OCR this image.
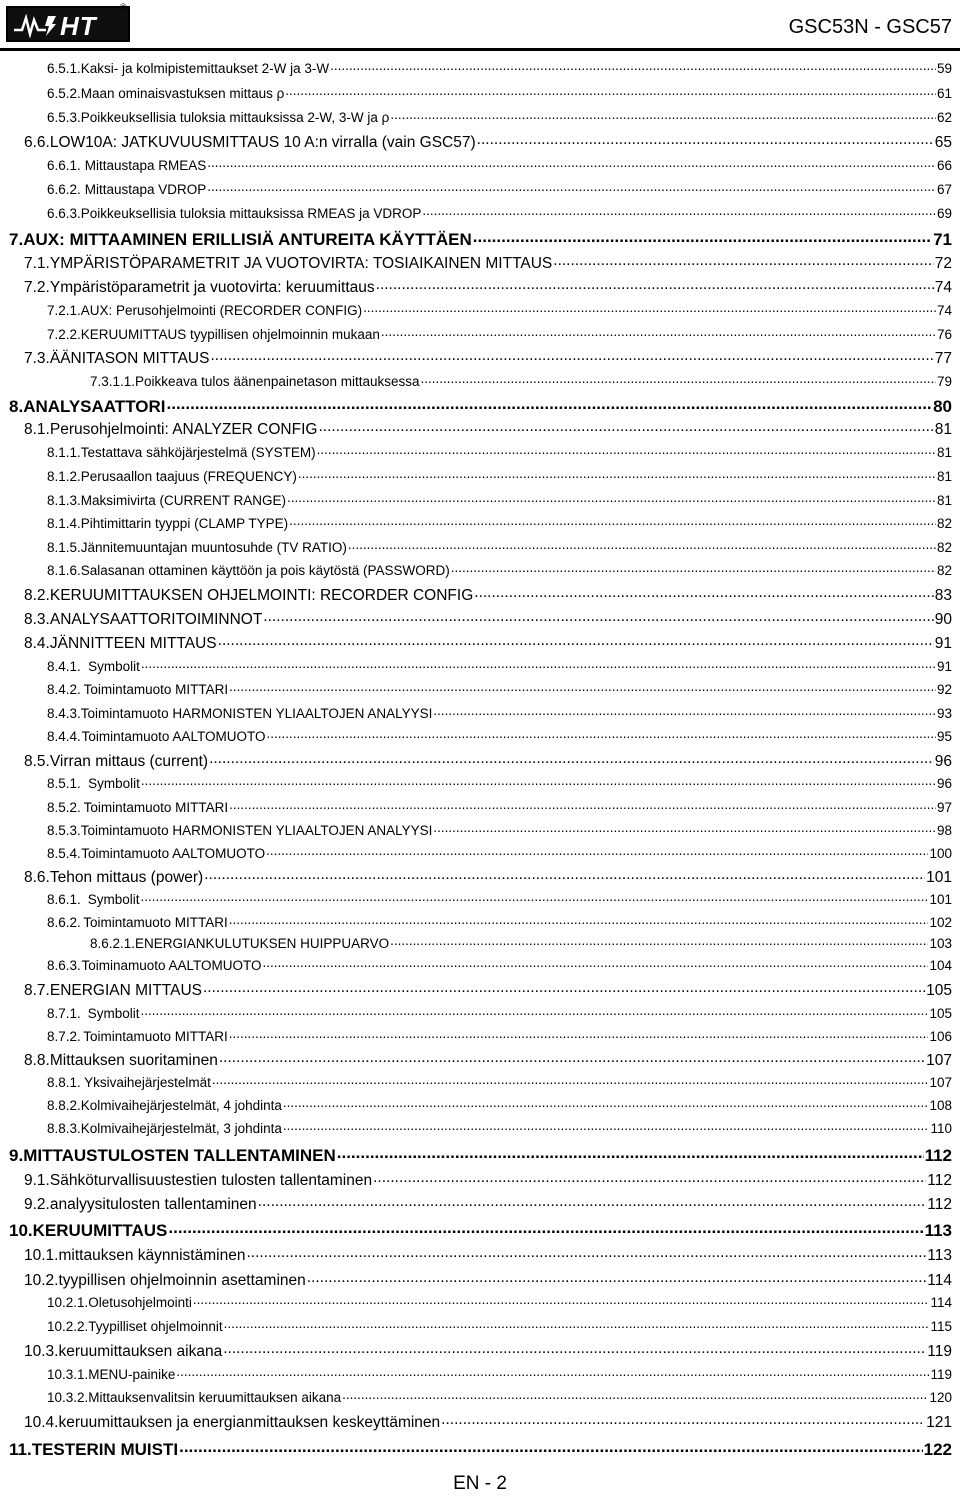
HT
®
GSC53N - GSC57
6.5.1. Kaksi- ja kolmipistemittaukset 2-W ja 3-W .....	59
6.5.2. Maan ominaisvastuksen mittaus ρ .....	61
6.5.3. Poikkeuksellisia tuloksia mittauksissa 2-W, 3-W ja ρ .....	62
6.6. LOW10A: JATKUVUUSMITTAUS 10 A:n virralla (vain GSC57) .....	65
6.6.1. Mittaustapa RMEAS .....	66
6.6.2. Mittaustapa VDROP .....	67
6.6.3. Poikkeuksellisia tuloksia mittauksissa RMEAS ja VDROP .....	69
7. AUX: MITTAAMINEN ERILLISIÄ ANTUREITA KÄYTTÄEN .....	71
7.1. YMPÄRISTÖPARAMETRIT JA VUOTOVIRTA: TOSIAIKAINEN MITTAUS .....	72
7.2. Ympäristöparametrit ja vuotovirta: keruumittaus .....	74
7.2.1. AUX: Perusohjelmointi (RECORDER CONFIG) .....	74
7.2.2. KERUUMITTAUS tyypillisen ohjelmoinnin mukaan .....	76
7.3. ÄÄNITASON MITTAUS .....	77
7.3.1.1. Poikkeava tulos äänenpainetason mittauksessa .....	79
8. ANALYSAATTORI .....	80
8.1. Perusohjelmointi: ANALYZER CONFIG .....	81
8.1.1. Testattava sähköjärjestelmä (SYSTEM) .....	81
8.1.2. Perusaallon taajuus (FREQUENCY) .....	81
8.1.3. Maksimivirta (CURRENT RANGE) .....	81
8.1.4. Pihtimittarin tyyppi (CLAMP TYPE) .....	82
8.1.5. Jännitemuuntajan muuntosuhde (TV RATIO) .....	82
8.1.6. Salasanan ottaminen käyttöön ja pois käytöstä (PASSWORD) .....	82
8.2. KERUUMITTAUKSEN OHJELMOINTI: RECORDER CONFIG .....	83
8.3. ANALYSAATTORITOIMINNOT .....	90
8.4. JÄNNITTEEN MITTAUS .....	91
8.4.1. Symbolit .....	91
8.4.2. Toimintamuoto MITTARI .....	92
8.4.3. Toimintamuoto HARMONISTEN YLIAALTOJEN ANALYYSI .....	93
8.4.4. Toimintamuoto AALTOMUOTO .....	95
8.5. Virran mittaus (current) .....	96
8.5.1. Symbolit .....	96
8.5.2. Toimintamuoto MITTARI .....	97
8.5.3. Toimintamuoto HARMONISTEN YLIAALTOJEN ANALYYSI .....	98
8.5.4. Toimintamuoto AALTOMUOTO .....	100
8.6. Tehon mittaus (power) .....	101
8.6.1. Symbolit .....	101
8.6.2. Toimintamuoto MITTARI .....	102
8.6.2.1. ENERGIANKULUTUKSEN HUIPPUARVO .....	103
8.6.3. Toiminamuoto AALTOMUOTO .....	104
8.7. ENERGIAN MITTAUS .....	105
8.7.1. Symbolit .....	105
8.7.2. Toimintamuoto MITTARI .....	106
8.8. Mittauksen suoritaminen .....	107
8.8.1. Yksivaihejärjestelmät .....	107
8.8.2. Kolmivaihejärjestelmät, 4 johdinta .....	108
8.8.3. Kolmivaihejärjestelmät, 3 johdinta .....	110
9. MITTAUSTULOSTEN TALLENTAMINEN .....	112
9.1. Sähköturvallisuustestien tulosten tallentaminen .....	112
9.2. analyysitulosten tallentaminen .....	112
10. KERUUMITTAUS .....	113
10.1. mittauksen käynnistäminen .....	113
10.2. tyypillisen ohjelmoinnin asettaminen .....	114
10.2.1. Oletusohjelmointi .....	114
10.2.2. Tyypilliset ohjelmoinnit .....	115
10.3. keruumittauksen aikana .....	119
10.3.1. MENU-painike .....	119
10.3.2. Mittauksenvalitsin keruumittauksen aikana .....	120
10.4. keruumittauksen ja energianmittauksen keskeyttäminen .....	121
11. TESTERIN MUISTI .....	122
EN - 2
